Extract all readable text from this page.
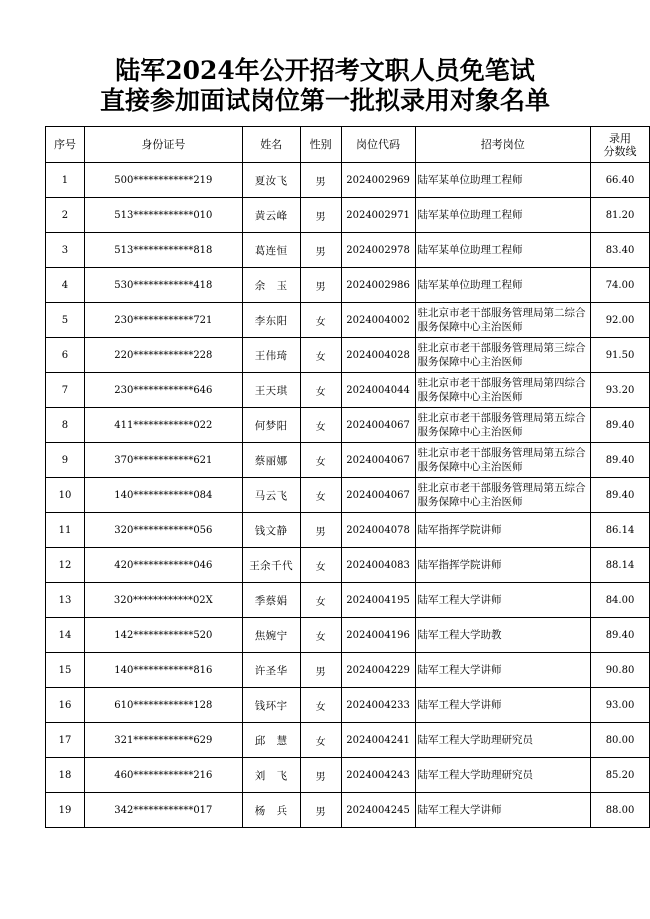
陆军2024年公开招考文职人员免笔试
直接参加面试岗位第一批拟录用对象名单
序号	身份证号	姓名	性别	岗位代码	招考岗位	录用
分数线

1	500************219	夏汝飞	男	2024002969	陆军某单位助理工程师	66.40
2	513************010	黄云峰	男	2024002971	陆军某单位助理工程师	81.20
3	513************818	葛连恒	男	2024002978	陆军某单位助理工程师	83.40
4	530************418	余　玉	男	2024002986	陆军某单位助理工程师	74.00
5	230************721	李东阳	女	2024004002	驻北京市老干部服务管理局第二综合服务保障中心主治医师	92.00
6	220************228	王伟琦	女	2024004028	驻北京市老干部服务管理局第三综合服务保障中心主治医师	91.50
7	230************646	王天琪	女	2024004044	驻北京市老干部服务管理局第四综合服务保障中心主治医师	93.20
8	411************022	何梦阳	女	2024004067	驻北京市老干部服务管理局第五综合服务保障中心主治医师	89.40
9	370************621	蔡丽娜	女	2024004067	驻北京市老干部服务管理局第五综合服务保障中心主治医师	89.40
10	140************084	马云飞	女	2024004067	驻北京市老干部服务管理局第五综合服务保障中心主治医师	89.40
11	320************056	钱文静	男	2024004078	陆军指挥学院讲师	86.14
12	420************046	王余千代	女	2024004083	陆军指挥学院讲师	88.14
13	320************02X	季蔡娟	女	2024004195	陆军工程大学讲师	84.00
14	142************520	焦婉宁	女	2024004196	陆军工程大学助教	89.40
15	140************816	许圣华	男	2024004229	陆军工程大学讲师	90.80
16	610************128	钱环宇	女	2024004233	陆军工程大学讲师	93.00
17	321************629	邱　慧	女	2024004241	陆军工程大学助理研究员	80.00
18	460************216	刘　飞	男	2024004243	陆军工程大学助理研究员	85.20
19	342************017	杨　兵	男	2024004245	陆军工程大学讲师	88.00
